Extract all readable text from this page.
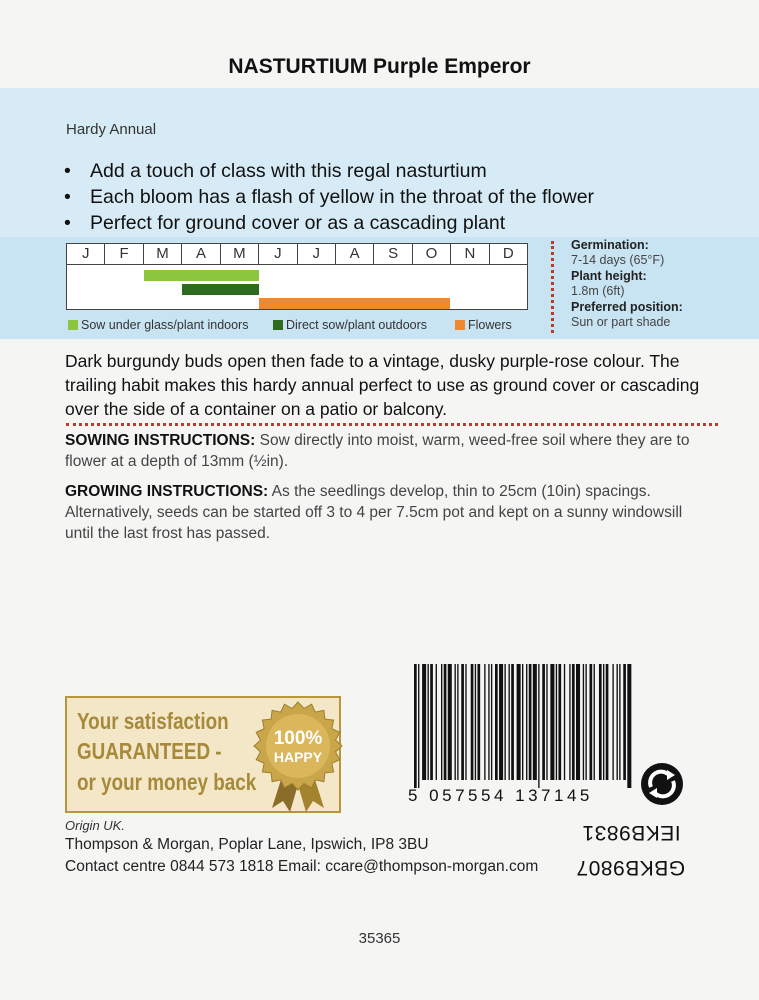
NASTURTIUM Purple Emperor
Hardy Annual
• Add a touch of class with this regal nasturtium
• Each bloom has a flash of yellow in the throat of the flower
• Perfect for ground cover or as a cascading plant
J	F	M	A	M	J	J	A	S	O	N	D
Sow under glass/plant indoors	Direct sow/plant outdoors	Flowers
Germination:
7-14 days (65°F)
Plant height:
1.8m (6ft)
Preferred position:
Sun or part shade
Dark burgundy buds open then fade to a vintage, dusky purple-rose colour. The trailing habit makes this hardy annual perfect to use as ground cover or cascading over the side of a container on a patio or balcony.
SOWING INSTRUCTIONS: Sow directly into moist, warm, weed-free soil where they are to flower at a depth of 13mm (½in).
GROWING INSTRUCTIONS: As the seedlings develop, thin to 25cm (10in) spacings. Alternatively, seeds can be started off 3 to 4 per 7.5cm pot and kept on a sunny windowsill until the last frost has passed.
Your satisfaction
GUARANTEED -
or your money back
100%
HAPPY
5 057554 137145
IEKB9831
GBKB9807
Origin UK.
Thompson & Morgan, Poplar Lane, Ipswich, IP8 3BU
Contact centre 0844 573 1818 Email: ccare@thompson-morgan.com
35365
